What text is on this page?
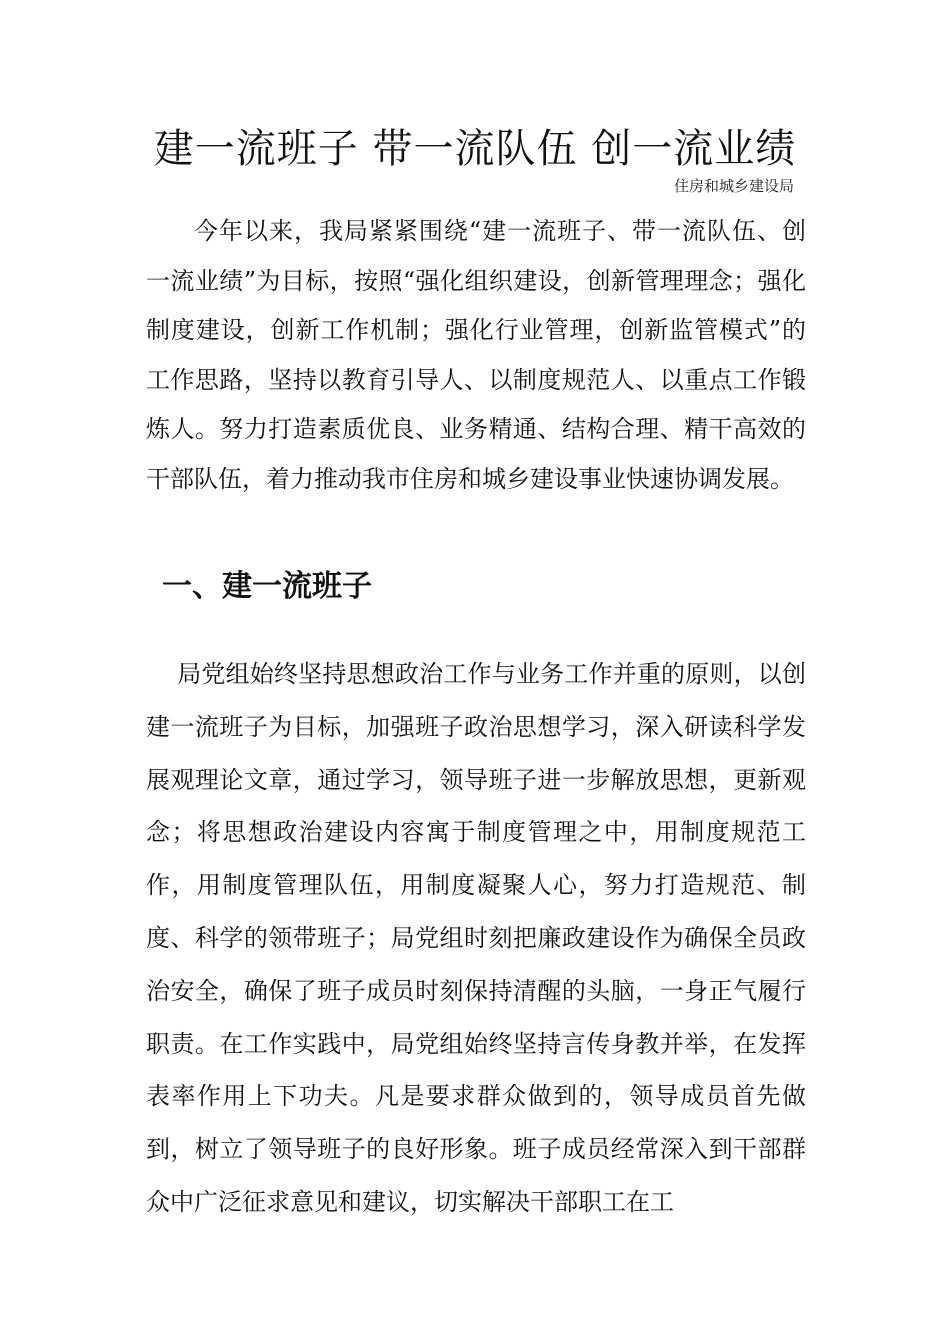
建一流班子 带一流队伍 创一流业绩
住房和城乡建设局

今年以来，我局紧紧围绕“建一流班子、带一流队伍、创一流业绩”为目标，按照“强化组织建设，创新管理理念；强化制度建设，创新工作机制；强化行业管理，创新监管模式”的工作思路，坚持以教育引导人、以制度规范人、以重点工作锻炼人。努力打造素质优良、业务精通、结构合理、精干高效的干部队伍，着力推动我市住房和城乡建设事业快速协调发展。

一、建一流班子

局党组始终坚持思想政治工作与业务工作并重的原则，以创建一流班子为目标，加强班子政治思想学习，深入研读科学发展观理论文章，通过学习，领导班子进一步解放思想，更新观念；将思想政治建设内容寓于制度管理之中，用制度规范工作，用制度管理队伍，用制度凝聚人心，努力打造规范、制度、科学的领带班子；局党组时刻把廉政建设作为确保全员政治安全，确保了班子成员时刻保持清醒的头脑，一身正气履行职责。在工作实践中，局党组始终坚持言传身教并举，在发挥表率作用上下功夫。凡是要求群众做到的，领导成员首先做到，树立了领导班子的良好形象。班子成员经常深入到干部群众中广泛征求意见和建议，切实解决干部职工在工
